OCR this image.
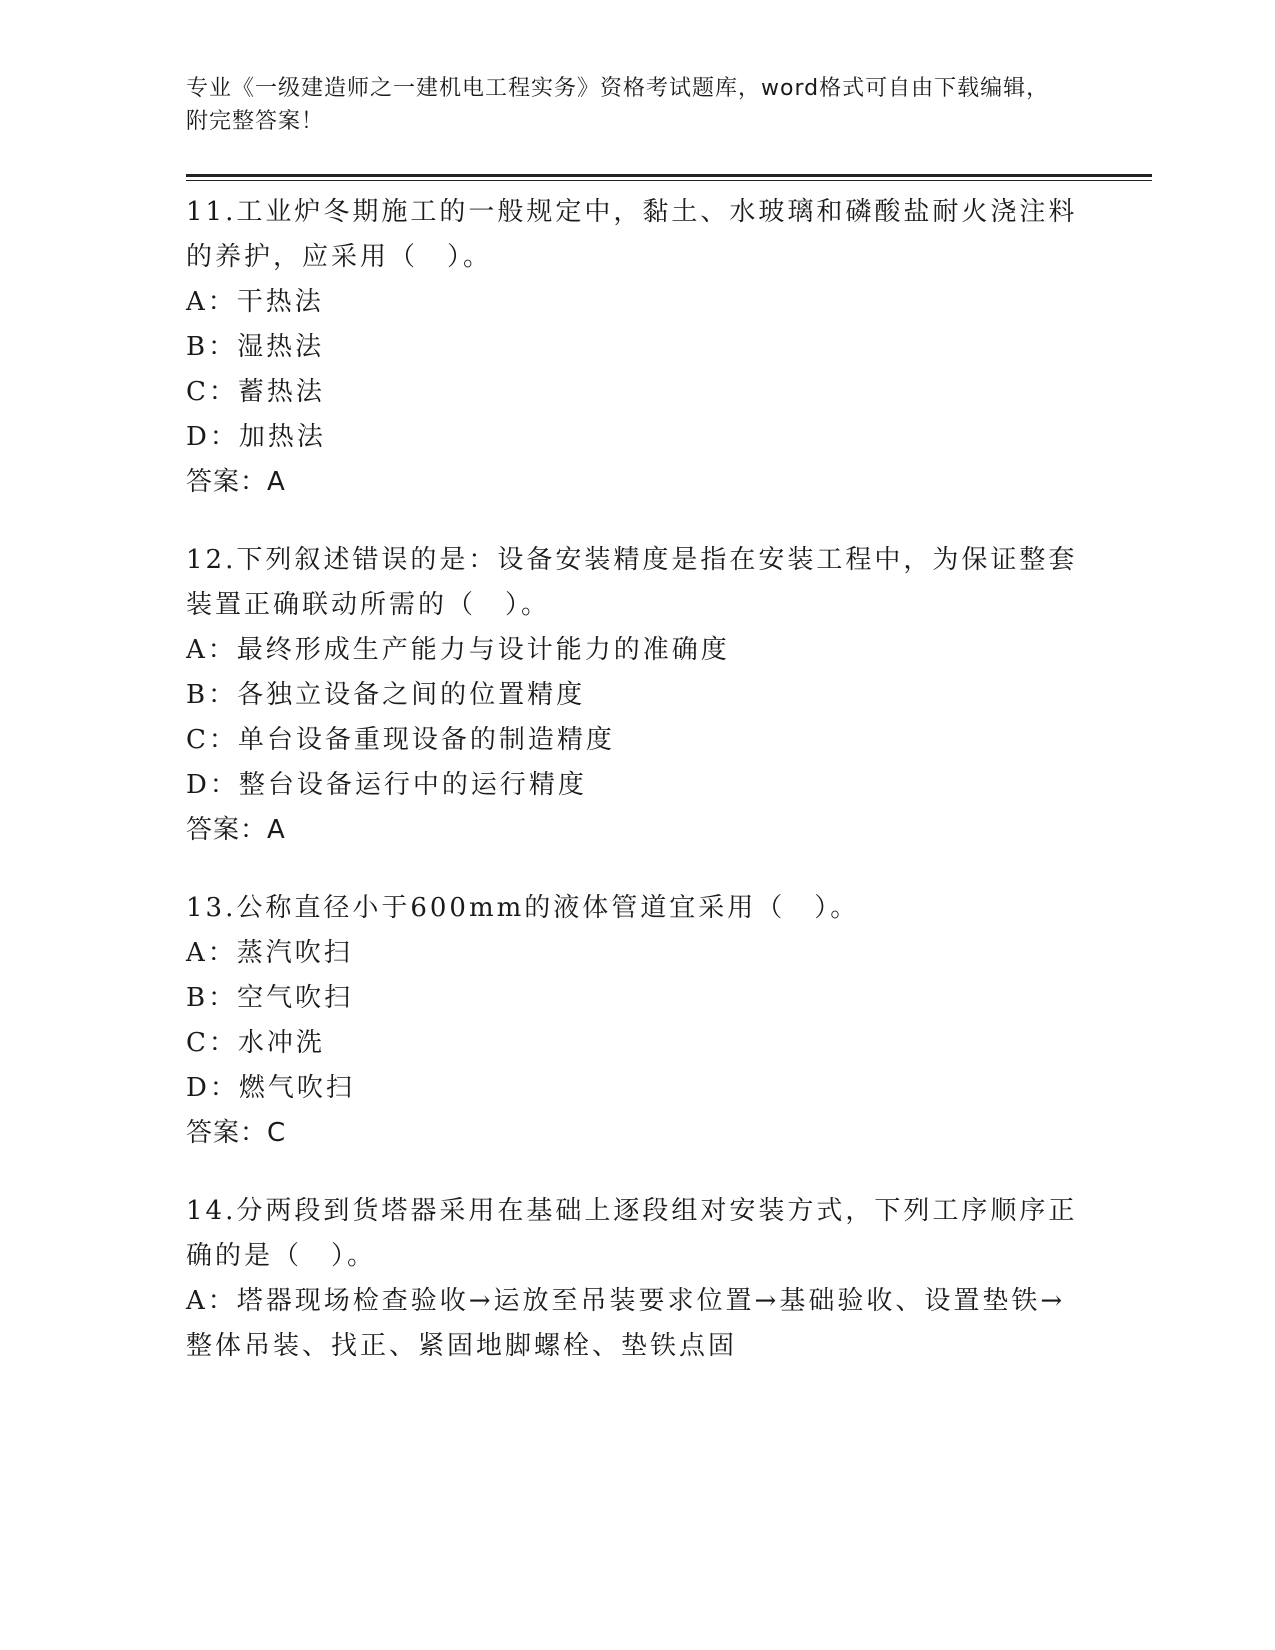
专业《一级建造师之一建机电工程实务》资格考试题库，word格式可自由下载编辑，附完整答案！

11.工业炉冬期施工的一般规定中，黏土、水玻璃和磷酸盐耐火浇注料的养护，应采用（　）。

A：干热法

B：湿热法

C：蓄热法

D：加热法

答案：A

12.下列叙述错误的是：设备安装精度是指在安装工程中，为保证整套装置正确联动所需的（　）。

A：最终形成生产能力与设计能力的准确度

B：各独立设备之间的位置精度

C：单台设备重现设备的制造精度

D：整台设备运行中的运行精度

答案：A

13.公称直径小于600mm的液体管道宜采用（　）。

A：蒸汽吹扫

B：空气吹扫

C：水冲洗

D：燃气吹扫

答案：C

14.分两段到货塔器采用在基础上逐段组对安装方式，下列工序顺序正确的是（　）。

A：塔器现场检查验收→运放至吊装要求位置→基础验收、设置垫铁→整体吊装、找正、紧固地脚螺栓、垫铁点固
